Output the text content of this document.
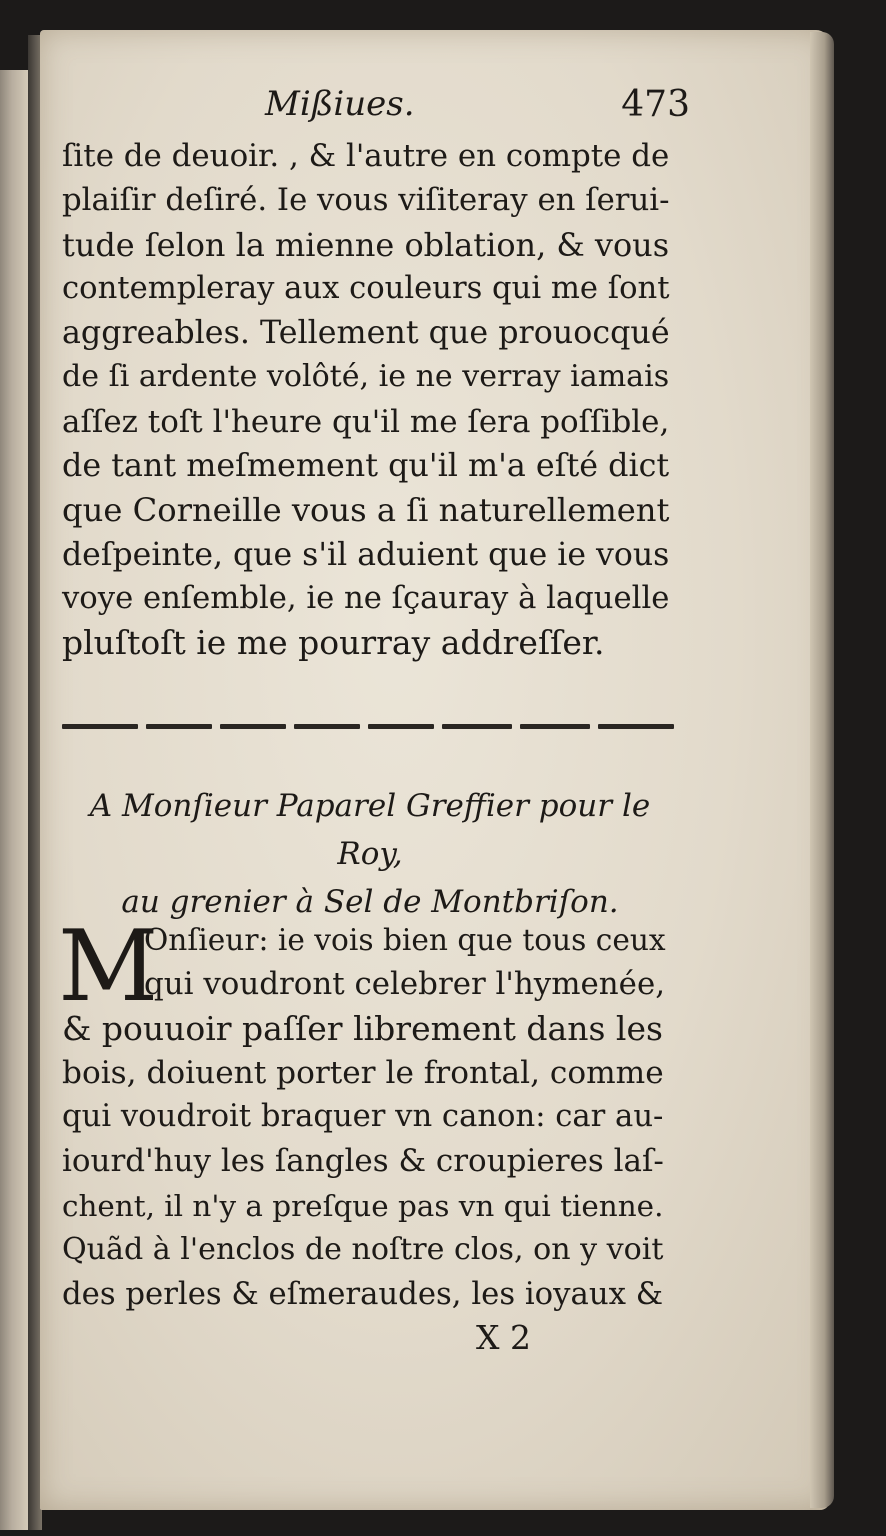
Mißiues.	473
ſite de deuoir. , & l'autre en compte de
plaiſir deſiré. Ie vous viſiteray en ſerui-
tude ſelon la mienne oblation, & vous
contempleray aux couleurs qui me ſont
aggreables. Tellement que prouocqué
de ſi ardente volôté, ie ne verray iamais
aſſez toſt l'heure qu'il me ſera poſſible,
de tant meſmement qu'il m'a eſté dict
que Corneille vous a ſi naturellement
deſpeinte, que s'il aduient que ie vous
voye enſemble, ie ne ſçauray à laquelle
pluſtoſt ie me pourray addreſſer.
A Monſieur Paparel Greffier pour le Roy,
au grenier à Sel de Montbriſon.
M
Onſieur: ie vois bien que tous ceux
qui voudront celebrer l'hymenée,
& pouuoir paſſer librement dans les
bois, doiuent porter le frontal, comme
qui voudroit braquer vn canon: car au-
iourd'huy les ſangles & croupieres laſ-
chent, il n'y a preſque pas vn qui tienne.
Quãd à l'enclos de noſtre clos, on y voit
des perles & eſmeraudes, les ioyaux &
X 2
